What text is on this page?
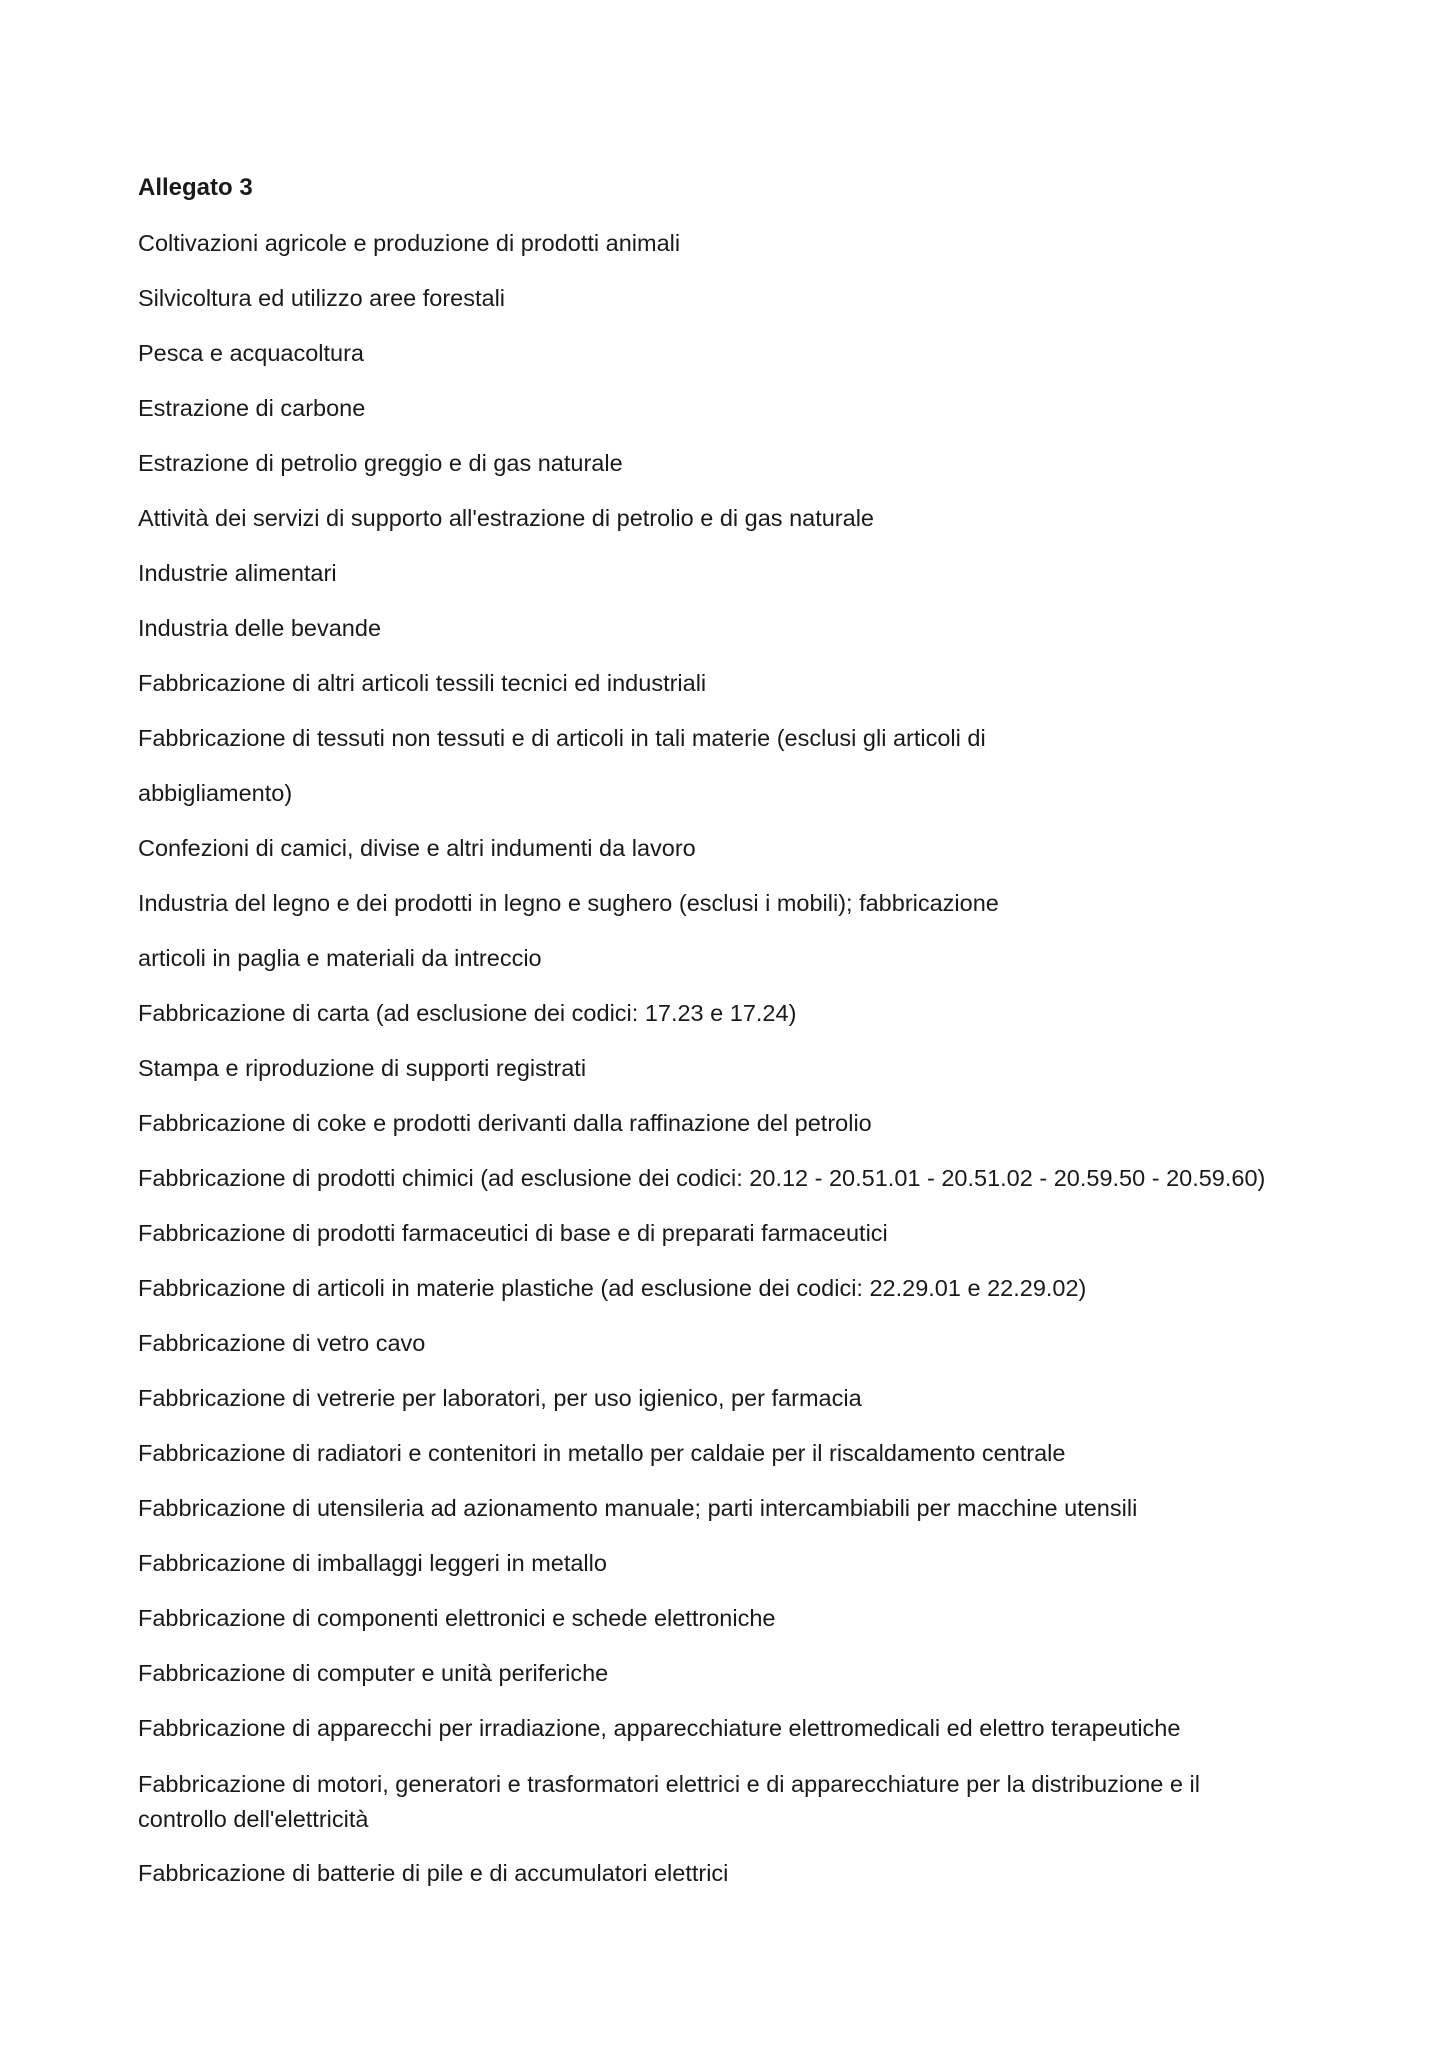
Allegato 3
Coltivazioni agricole e produzione di prodotti animali
Silvicoltura ed utilizzo aree forestali
Pesca e acquacoltura
Estrazione di carbone
Estrazione di petrolio greggio e di gas naturale
Attività dei servizi di supporto all'estrazione di petrolio e di gas naturale
Industrie alimentari
Industria delle bevande
Fabbricazione di altri articoli tessili tecnici ed industriali
Fabbricazione di tessuti non tessuti e di articoli in tali materie (esclusi gli articoli di
abbigliamento)
Confezioni di camici, divise e altri indumenti da lavoro
Industria del legno e dei prodotti in legno e sughero (esclusi i mobili); fabbricazione
articoli in paglia e materiali da intreccio
Fabbricazione di carta (ad esclusione dei codici: 17.23 e 17.24)
Stampa e riproduzione di supporti registrati
Fabbricazione di coke e prodotti derivanti dalla raffinazione del petrolio
Fabbricazione di prodotti chimici (ad esclusione dei codici: 20.12 - 20.51.01 - 20.51.02 - 20.59.50 - 20.59.60)
Fabbricazione di prodotti farmaceutici di base e di preparati farmaceutici
Fabbricazione di articoli in materie plastiche (ad esclusione dei codici: 22.29.01 e 22.29.02)
Fabbricazione di vetro cavo
Fabbricazione di vetrerie per laboratori, per uso igienico, per farmacia
Fabbricazione di radiatori e contenitori in metallo per caldaie per il riscaldamento centrale
Fabbricazione di utensileria ad azionamento manuale; parti intercambiabili per macchine utensili
Fabbricazione di imballaggi leggeri in metallo
Fabbricazione di componenti elettronici e schede elettroniche
Fabbricazione di computer e unità periferiche
Fabbricazione di apparecchi per irradiazione, apparecchiature elettromedicali ed elettro terapeutiche
Fabbricazione di motori, generatori e trasformatori elettrici e di apparecchiature per la distribuzione e il
controllo dell'elettricità
Fabbricazione di batterie di pile e di accumulatori elettrici
